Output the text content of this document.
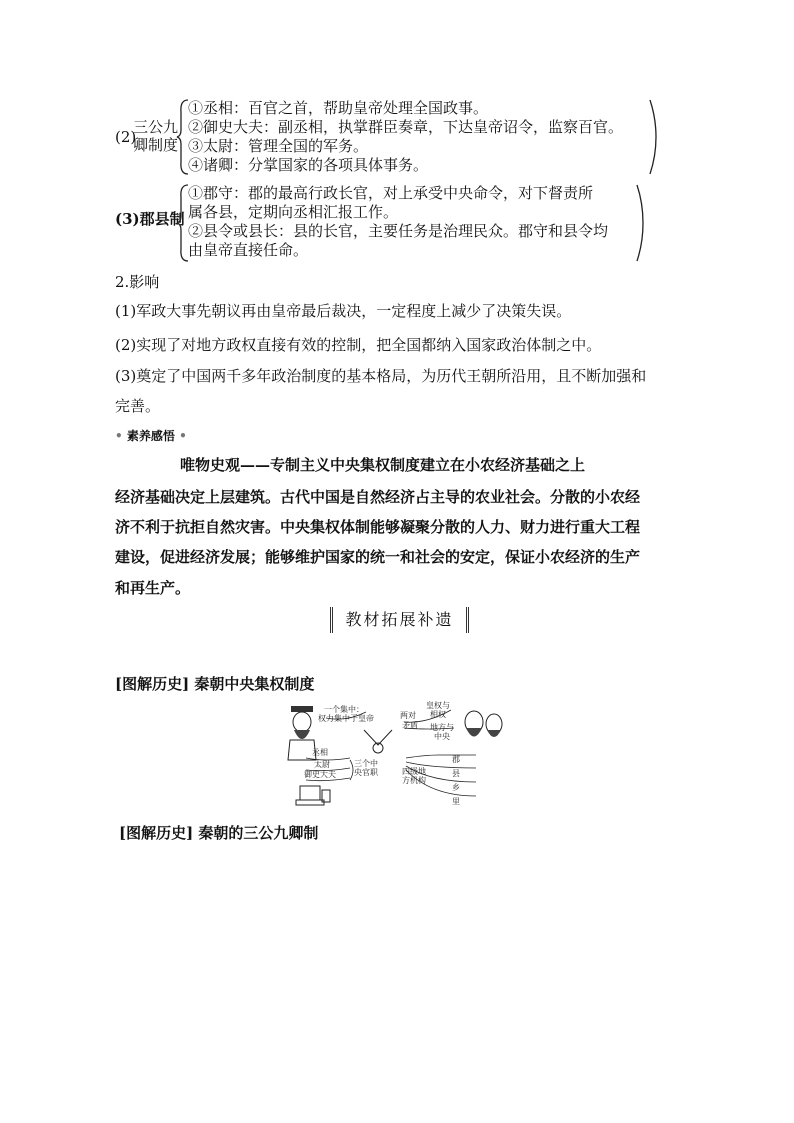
(2)
三公九
卿制度
①丞相：百官之首，帮助皇帝处理全国政事。
②御史大夫：副丞相，执掌群臣奏章，下达皇帝诏令，监察百官。
③太尉：管理全国的军务。
④诸卿：分掌国家的各项具体事务。
(3)郡县制
①郡守：郡的最高行政长官，对上承受中央命令，对下督责所
属各县，定期向丞相汇报工作。
②县令或县长：县的长官，主要任务是治理民众。郡守和县令均
由皇帝直接任命。
2.影响
(1)军政大事先朝议再由皇帝最后裁决，一定程度上减少了决策失误。
(2)实现了对地方政权直接有效的控制，把全国都纳入国家政治体制之中。
(3)奠定了中国两千多年政治制度的基本格局，为历代王朝所沿用，且不断加强和
完善。
• 素养感悟 •
唯物史观——专制主义中央集权制度建立在小农经济基础之上
经济基础决定上层建筑。古代中国是自然经济占主导的农业社会。分散的小农经
济不利于抗拒自然灾害。中央集权体制能够凝聚分散的人力、财力进行重大工程
建设，促进经济发展；能够维护国家的统一和社会的安定，保证小农经济的生产
和再生产。
教材拓展补遗
[图解历史] 秦朝中央集权制度
一个集中：
权力集中于皇帝	两对
矛盾
皇权与
相权
地方与
中央
丞相
太尉
御史大夫
三个中
央官职	四级地
方机构
郡
县
乡
里
[图解历史] 秦朝的三公九卿制
